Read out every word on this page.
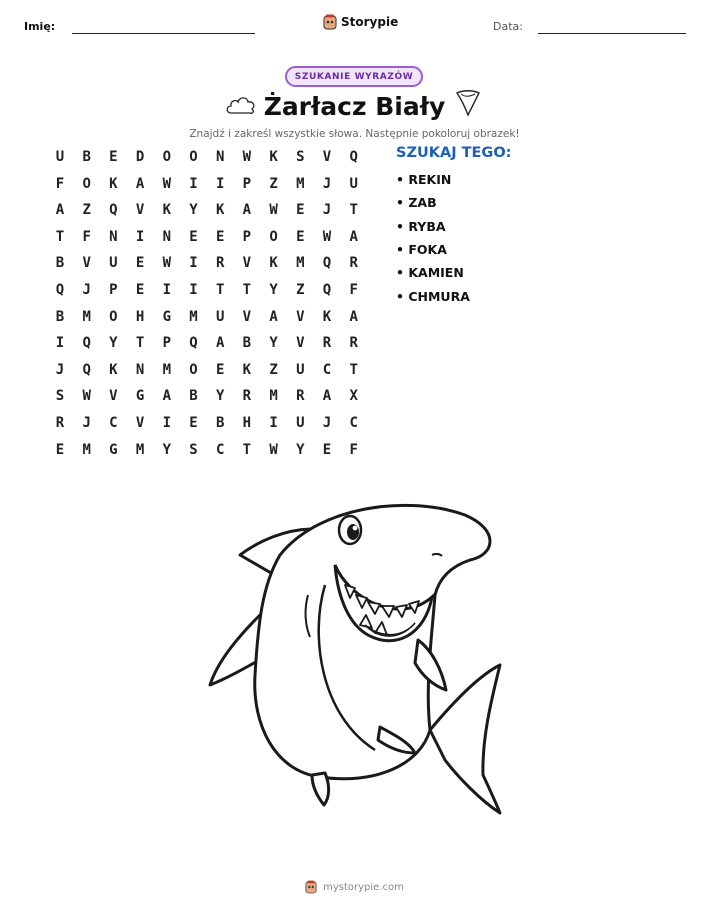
Imię:	Storypie	Data:
SZUKANIE WYRAZÓW
Żarłacz Biały
Znajdź i zakreśl wszystkie słowa. Następnie pokoloruj obrazek!
U	B	E	D	O	O	N	W	K	S	V	Q
F	O	K	A	W	I	I	P	Z	M	J	U
A	Z	Q	V	K	Y	K	A	W	E	J	T
T	F	N	I	N	E	E	P	O	E	W	A
B	V	U	E	W	I	R	V	K	M	Q	R
Q	J	P	E	I	I	T	T	Y	Z	Q	F
B	M	O	H	G	M	U	V	A	V	K	A
I	Q	Y	T	P	Q	A	B	Y	V	R	R
J	Q	K	N	M	O	E	K	Z	U	C	T
S	W	V	G	A	B	Y	R	M	R	A	X
R	J	C	V	I	E	B	H	I	U	J	C
E	M	G	M	Y	S	C	T	W	Y	E	F
SZUKAJ TEGO:
• REKIN
• ZAB
• RYBA
• FOKA
• KAMIEN
• CHMURA
mystorypie.com
